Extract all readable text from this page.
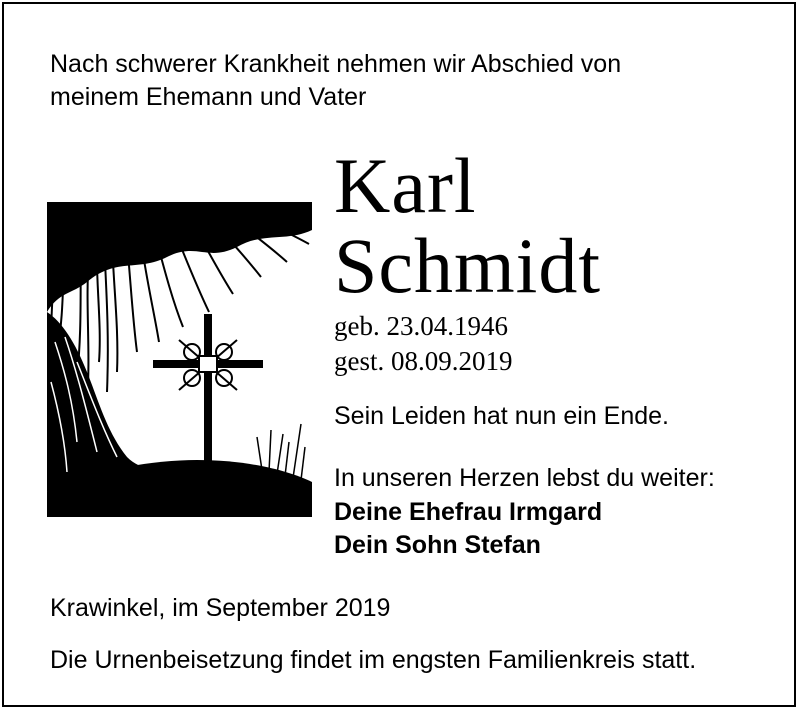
Nach schwerer Krankheit nehmen wir Abschied von
meinem Ehemann und Vater
Karl
Schmidt
geb. 23.04.1946
gest. 08.09.2019
Sein Leiden hat nun ein Ende.
In unseren Herzen lebst du weiter:
Deine Ehefrau Irmgard
Dein Sohn Stefan
Krawinkel, im September 2019
Die Urnenbeisetzung findet im engsten Familienkreis statt.
